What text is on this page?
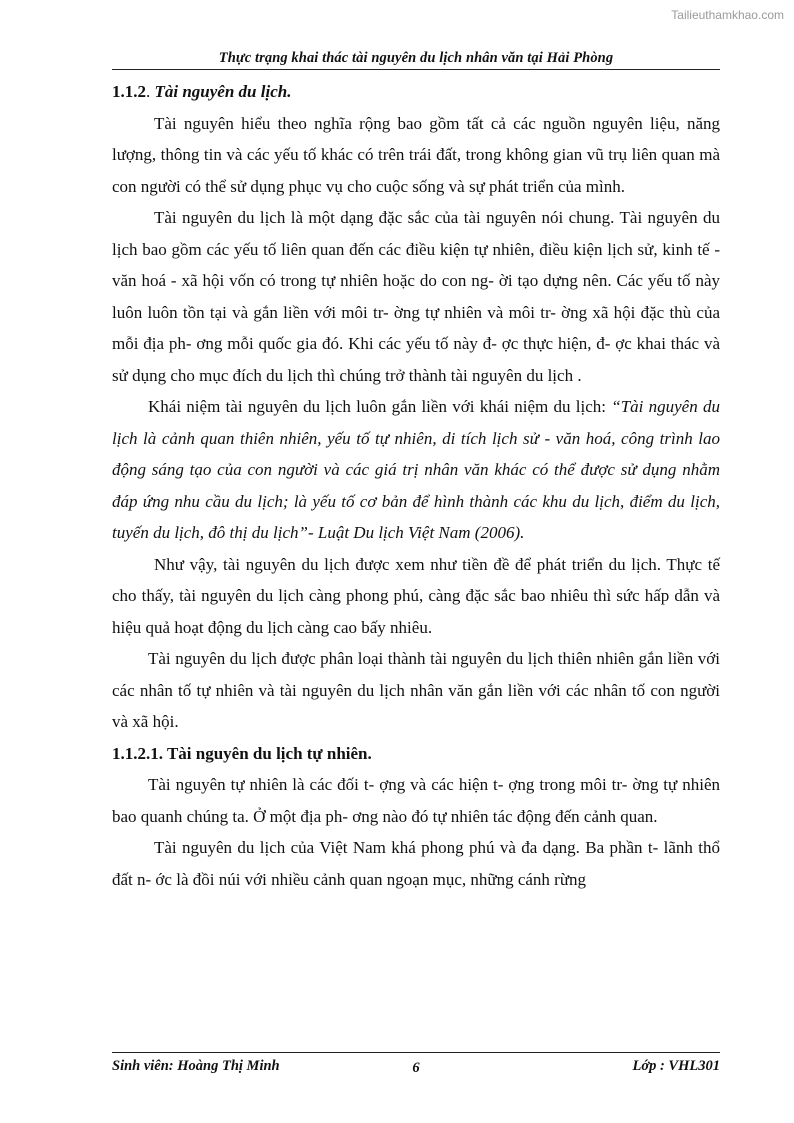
Tailieuthamkhao.com
Thực trạng khai thác tài nguyên du lịch nhân văn tại Hải Phòng

1.1.2. Tài nguyên du lịch.

Tài nguyên hiểu theo nghĩa rộng bao gồm tất cả các nguồn nguyên liệu, năng lượng, thông tin và các yếu tố khác có trên trái đất, trong không gian vũ trụ liên quan mà con người có thể sử dụng phục vụ cho cuộc sống và sự phát triển của mình.

Tài nguyên du lịch là một dạng đặc sắc của tài nguyên nói chung. Tài nguyên du lịch bao gồm các yếu tố liên quan đến các điều kiện tự nhiên, điều kiện lịch sử, kinh tế - văn hoá - xã hội vốn có trong tự nhiên hoặc do con ng- ời tạo dựng nên. Các yếu tố này luôn luôn tồn tại và gắn liền với môi tr- ờng tự nhiên và môi tr- ờng xã hội đặc thù của mỗi địa ph- ơng mỗi quốc gia đó. Khi các yếu tố này đ- ợc thực hiện, đ- ợc khai thác và sử dụng cho mục đích du lịch thì chúng trở thành tài nguyên du lịch .

Khái niệm tài nguyên du lịch luôn gắn liền với khái niệm du lịch: “Tài nguyên du lịch là cảnh quan thiên nhiên, yếu tố tự nhiên, di tích lịch sử - văn hoá, công trình lao động sáng tạo của con người và các giá trị nhân văn khác có thể được sử dụng nhằm đáp ứng nhu cầu du lịch; là yếu tố cơ bản để hình thành các khu du lịch, điểm du lịch, tuyến du lịch, đô thị du lịch”- Luật Du lịch Việt Nam (2006).

Như vậy, tài nguyên du lịch được xem như tiền đề để phát triển du lịch. Thực tế cho thấy, tài nguyên du lịch càng phong phú, càng đặc sắc bao nhiêu thì sức hấp dẫn và hiệu quả hoạt động du lịch càng cao bấy nhiêu.

Tài nguyên du lịch được phân loại thành tài nguyên du lịch thiên nhiên gắn liền với các nhân tố tự nhiên và tài nguyên du lịch nhân văn gắn liền với các nhân tố con người và xã hội.

1.1.2.1. Tài nguyên du lịch tự nhiên.

Tài nguyên tự nhiên là các đối t- ợng và các hiện t- ợng trong môi tr- ờng tự nhiên bao quanh chúng ta. Ở một địa ph- ơng nào đó tự nhiên tác động đến cảnh quan.

Tài nguyên du lịch của Việt Nam khá phong phú và đa dạng. Ba phần t- lãnh thổ đất n- ớc là đồi núi với nhiều cảnh quan ngoạn mục, những cánh rừng

Sinh viên: Hoàng Thị Minh	6	Lớp : VHL301
